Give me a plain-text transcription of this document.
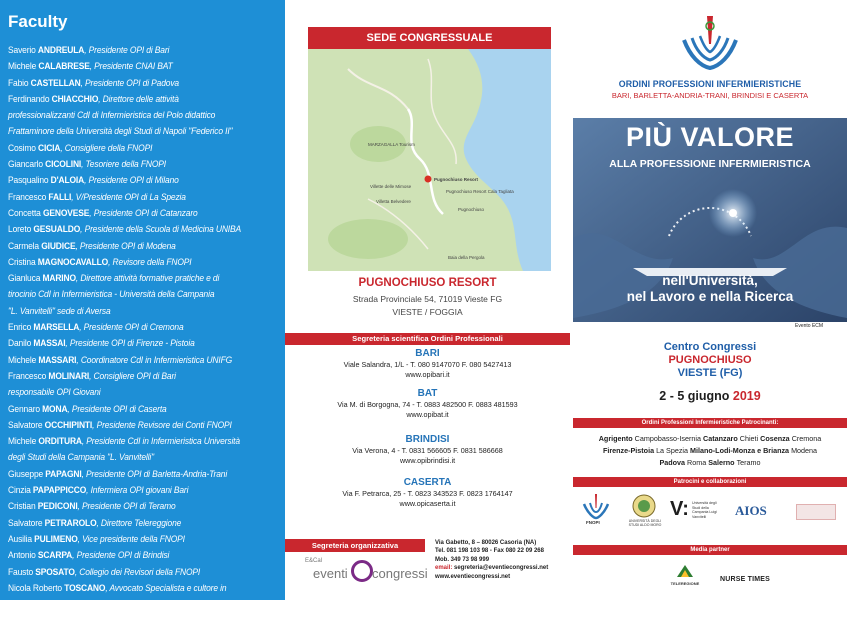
Faculty
Saverio ANDREULA, Presidente OPI di Bari
Michele CALABRESE, Presidente CNAI BAT
Fabio CASTELLAN, Presidente OPI di Padova
Ferdinando CHIACCHIO, Direttore delle attività
professionalizzanti CdI di Infermieristica del Polo didattico
Frattaminore della Università degli Studi di Napoli "Federico II"
Cosimo CICIA, Consigliere della FNOPI
Giancarlo CICOLINI, Tesoriere della FNOPI
Pasqualino D'ALOIA, Presidente OPI di Milano
Francesco FALLI, V/Presidente OPI di La Spezia
Concetta GENOVESE, Presidente OPI di Catanzaro
Loreto GESUALDO, Presidente della Scuola di Medicina UNIBA
Carmela GIUDICE, Presidente OPI di Modena
Cristina MAGNOCAVALLO, Revisore della FNOPI
Gianluca MARINO, Direttore attività formative pratiche e di
tirocinio CdI in Infermieristica - Università della Campania
"L. Vanvitelli" sede di Aversa
Enrico MARSELLA, Presidente OPI di Cremona
Danilo MASSAI, Presidente OPI di Firenze - Pistoia
Michele MASSARI, Coordinatore CdI in Infermieristica UNIFG
Francesco MOLINARI, Consigliere OPI di Bari
responsabile OPI Giovani
Gennaro MONA, Presidente OPI di Caserta
Salvatore OCCHIPINTI, Presidente Revisore dei Conti FNOPI
Michele ORDITURA, Presidente CdI in Infermieristica Università
degli Studi della Campania "L. Vanvitelli"
Giuseppe PAPAGNI, Presidente OPI di Barletta-Andria-Trani
Cinzia PAPAPPICCO, Infermiera OPI giovani Bari
Cristian PEDICONI, Presidente OPI di Teramo
Salvatore PETRAROLO, Direttore Telereggione
Ausilia PULIMENO, Vice presidente della FNOPI
Antonio SCARPA, Presidente OPI di Brindisi
Fausto SPOSATO, Collegio dei Revisori della FNOPI
Nicola Roberto TOSCANO, Avvocato Specialista e cultore in
diritto del lavoro UNIBA
Franco VALLICELLA, Comitato Centrale della FNOPI
SEDE CONGRESSUALE
MARZAGALLA Tourism
Pugnochiuso Resort
Villette delle Mimose
Villetta Belvedere
Pugnochiuso Resort Cala Tagliata
Pugnochiuso
Baia della Pergola
PUGNOCHIUSO RESORT
Strada Provinciale 54, 71019 Vieste FG
VIESTE / FOGGIA
Segreteria scientifica Ordini Professionali
BARI
Viale Salandra, 1/L - T. 080 9147070 F. 080 5427413
www.opibari.it
BAT
Via M. di Borgogna, 74 - T. 0883 482500 F. 0883 481593
www.opibat.it
BRINDISI
Via Verona, 4 - T. 0831 566605 F. 0831 586668
www.opibrindisi.it
CASERTA
Via F. Petrarca, 25 - T. 0823 343523 F. 0823 1764147
www.opicaserta.it
Segreteria organizzativa
E&Cal
eventi congressi
Via Gabetto, 8 – 80026 Casoria (NA)
Tel. 081 198 103 98 - Fax 080 22 09 268
Mob. 349 73 98 999
email: segreteria@eventiecongressi.net
www.eventiecongressi.net
ORDINI PROFESSIONI INFERMIERISTICHE
BARI, BARLETTA-ANDRIA-TRANI, BRINDISI E CASERTA
PIÙ VALORE
ALLA PROFESSIONE INFERMIERISTICA
nell'Università,
nel Lavoro e nella Ricerca
Evento ECM
Centro Congressi
PUGNOCHIUSO
VIESTE (FG)
2 - 5 giugno 2019
Ordini Professioni Infermieristiche Patrocinanti:
Agrigento Campobasso-Isernia Catanzaro Chieti Cosenza Cremona
Firenze-Pistoia La Spezia Milano-Lodi-Monza e Brianza Modena
Padova Roma Salerno Teramo
Patrocini e collaborazioni
FNOPI	UNIVERSITÀ DEGLI STUDI ALDO MORO
V: Università degli Studi della Campania Luigi Vanvitelli	AIOS
Media partner
TELEREGIONE
NURSE TIMES
